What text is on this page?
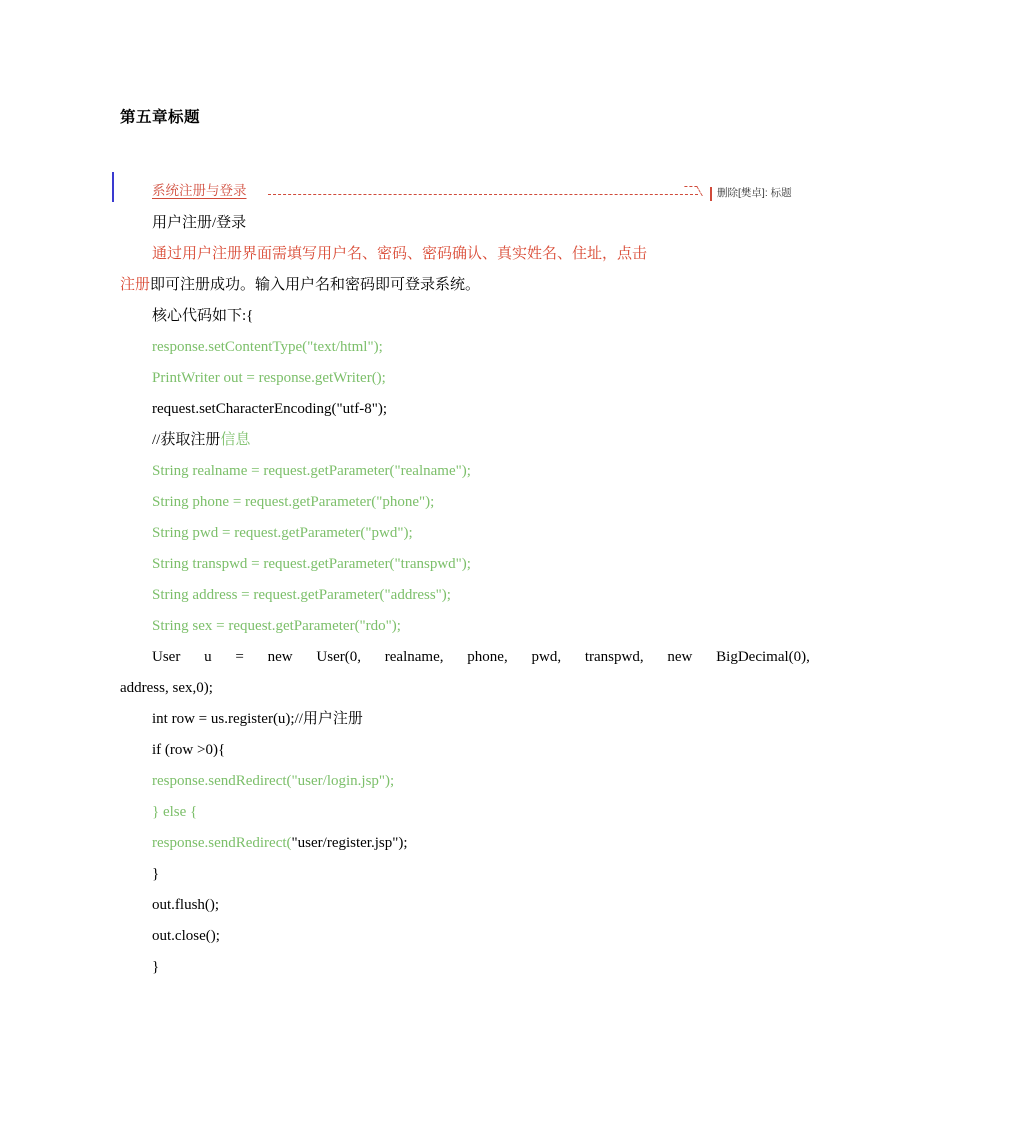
第五章标题
系统注册与登录	删除[樊卓]: 标题
用户注册/登录
通过用户注册界面需填写用户名、密码、密码确认、真实姓名、住址，点击
注册即可注册成功。输入用户名和密码即可登录系统。
核心代码如下:{
response.setContentType("text/html");
PrintWriter out = response.getWriter();
request.setCharacterEncoding("utf-8");
//获取注册信息
String realname = request.getParameter("realname");
String phone = request.getParameter("phone");
String pwd = request.getParameter("pwd");
String transpwd = request.getParameter("transpwd");
String address = request.getParameter("address");
String sex = request.getParameter("rdo");
User u = new User(0, realname, phone, pwd, transpwd, new BigDecimal(0),
address, sex,0);
int row = us.register(u);//用户注册
if (row >0){
response.sendRedirect("user/login.jsp");
} else {
response.sendRedirect("user/register.jsp");
}
out.flush();
out.close();
}
